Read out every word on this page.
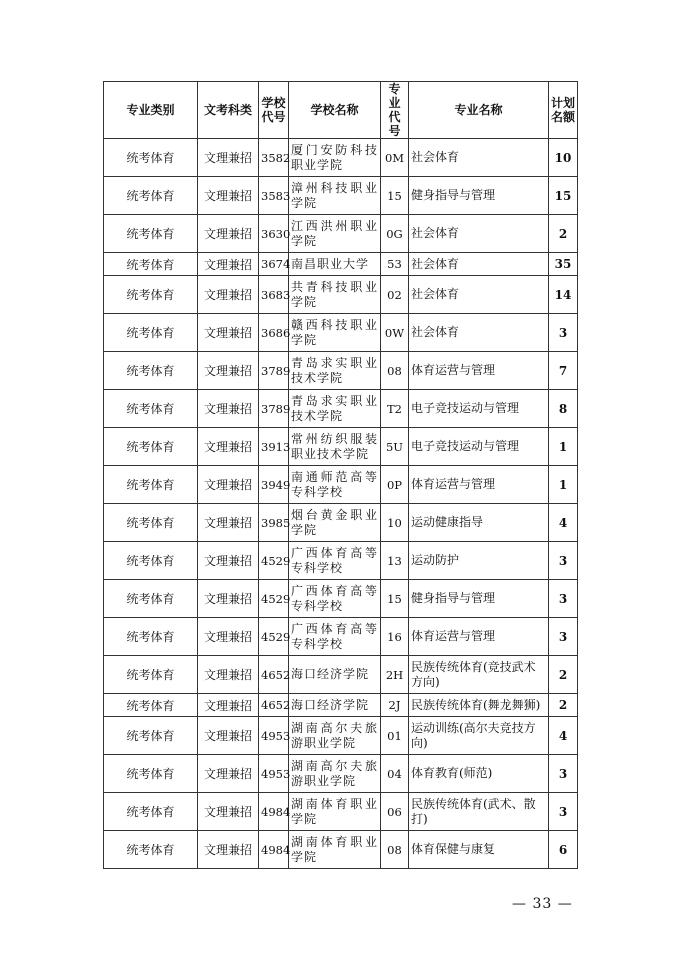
专业类别	文考科类	学校代号	学校名称	专业代号	专业名称	计划名额
统考体育	文理兼招	3582	厦门安防科技职业学院	0M	社会体育	10
统考体育	文理兼招	3583	漳州科技职业学院	15	健身指导与管理	15
统考体育	文理兼招	3630	江西洪州职业学院	0G	社会体育	2
统考体育	文理兼招	3674	南昌职业大学	53	社会体育	35
统考体育	文理兼招	3683	共青科技职业学院	02	社会体育	14
统考体育	文理兼招	3686	赣西科技职业学院	0W	社会体育	3
统考体育	文理兼招	3789	青岛求实职业技术学院	08	体育运营与管理	7
统考体育	文理兼招	3789	青岛求实职业技术学院	T2	电子竞技运动与管理	8
统考体育	文理兼招	3913	常州纺织服装职业技术学院	5U	电子竞技运动与管理	1
统考体育	文理兼招	3949	南通师范高等专科学校	0P	体育运营与管理	1
统考体育	文理兼招	3985	烟台黄金职业学院	10	运动健康指导	4
统考体育	文理兼招	4529	广西体育高等专科学校	13	运动防护	3
统考体育	文理兼招	4529	广西体育高等专科学校	15	健身指导与管理	3
统考体育	文理兼招	4529	广西体育高等专科学校	16	体育运营与管理	3
统考体育	文理兼招	4652	海口经济学院	2H	民族传统体育(竞技武术方向)	2
统考体育	文理兼招	4652	海口经济学院	2J	民族传统体育(舞龙舞狮)	2
统考体育	文理兼招	4953	湖南高尔夫旅游职业学院	01	运动训练(高尔夫竞技方向)	4
统考体育	文理兼招	4953	湖南高尔夫旅游职业学院	04	体育教育(师范)	3
统考体育	文理兼招	4984	湖南体育职业学院	06	民族传统体育(武术、散打)	3
统考体育	文理兼招	4984	湖南体育职业学院	08	体育保健与康复	6
— 33 —
